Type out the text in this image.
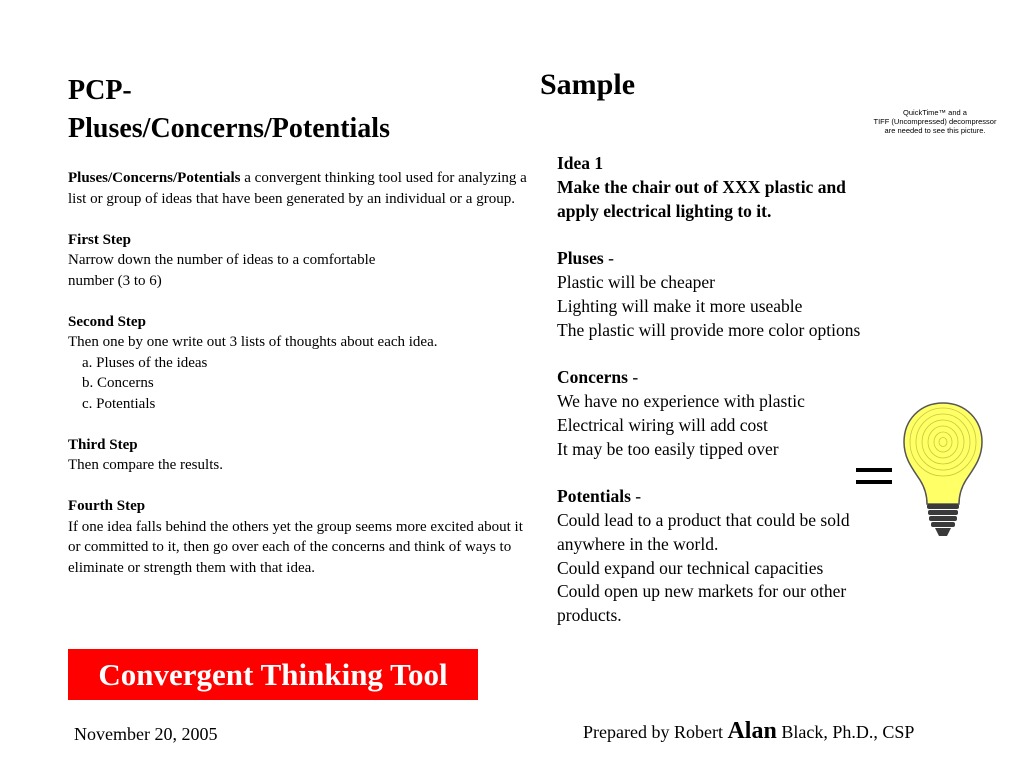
PCP-
Pluses/Concerns/Potentials

Pluses/Concerns/Potentials a convergent thinking tool used for analyzing a list or group of ideas that have been generated by an individual or a group.

First Step
Narrow down the number of ideas to a comfortable
number (3 to 6)
Second Step
Then one by one write out 3 lists of thoughts about each idea.
a. Pluses of the ideas
b. Concerns
c. Potentials
Third Step
Then compare the results.
Fourth Step
If one idea falls behind the others yet the group seems more excited about it or committed to it, then go over each of the concerns and think of ways to eliminate or strength them with that idea.
Sample
Idea 1
Make the chair out of XXX plastic and apply electrical lighting to it.
Pluses -
Plastic will be cheaper
Lighting will make it more useable
The plastic will provide more color options
Concerns -
We have no experience with plastic
Electrical wiring will add cost
It may be too easily tipped over
Potentials -
Could lead to a product that could be sold anywhere in the world.
Could expand our technical capacities
Could open up new markets for our other products.
QuickTime™ and a
TIFF (Uncompressed) decompressor
are needed to see this picture.
Convergent Thinking Tool
November 20, 2005	Prepared by Robert Alan Black, Ph.D., CSP
